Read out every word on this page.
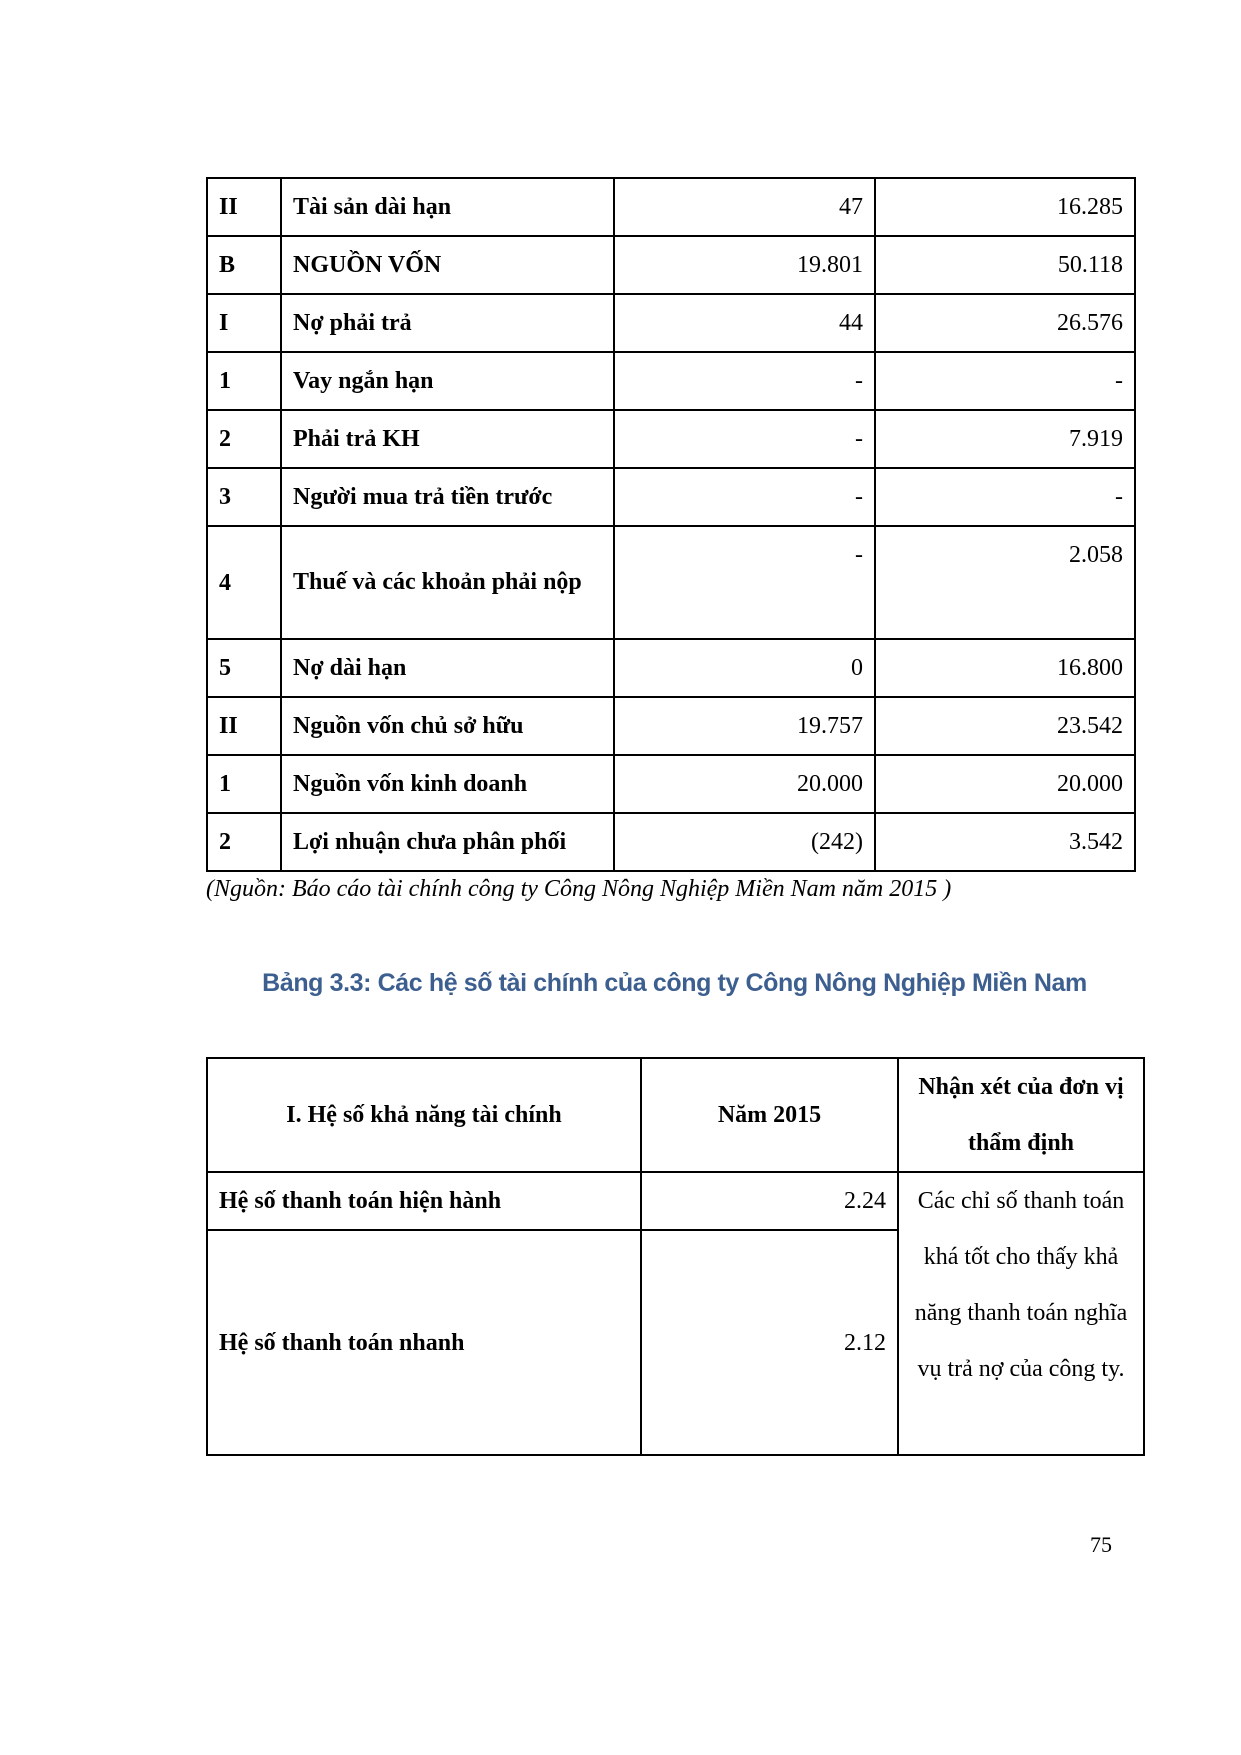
II	Tài sản dài hạn	47	16.285
B	NGUỒN VỐN	19.801	50.118
I	Nợ phải trả	44	26.576
1	Vay ngắn hạn	-	-
2	Phải trả KH	-	7.919
3	Người mua trả tiền trước	-	-
4	Thuế và các khoản phải nộp	-	2.058
5	Nợ dài hạn	0	16.800
II	Nguồn vốn chủ sở hữu	19.757	23.542
1	Nguồn vốn kinh doanh	20.000	20.000
2	Lợi nhuận chưa phân phối	(242)	3.542
(Nguồn: Báo cáo tài chính công ty Công Nông Nghiệp Miền Nam năm 2015 )
Bảng 3.3: Các hệ số tài chính của công ty Công Nông Nghiệp Miền Nam
I. Hệ số khả năng tài chính	Năm 2015	Nhận xét của đơn vị thẩm định
Hệ số thanh toán hiện hành	2.24	Các chỉ số thanh toán khá tốt cho thấy khả năng thanh toán nghĩa vụ trả nợ của công ty.
Hệ số thanh toán nhanh	2.12	
75
